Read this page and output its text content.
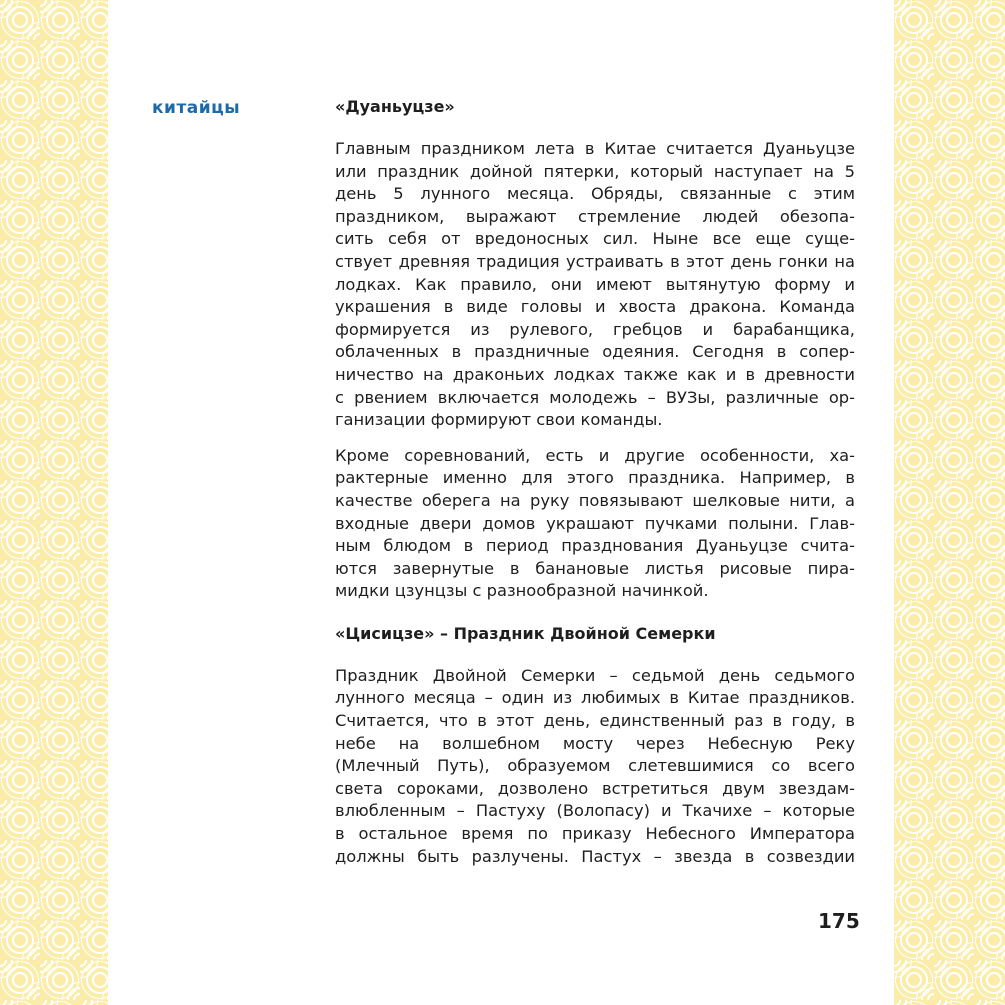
китайцы	«Дуаньуцзе»
Главным праздником лета в Китае считается Дуаньуцзе
или праздник дойной пятерки, который наступает на 5
день 5 лунного месяца. Обряды, связанные с этим
праздником, выражают стремление людей обезопа-
сить себя от вредоносных сил. Ныне все еще суще-
ствует древняя традиция устраивать в этот день гонки на
лодках. Как правило, они имеют вытянутую форму и
украшения в виде головы и хвоста дракона. Команда
формируется из рулевого, гребцов и барабанщика,
облаченных в праздничные одеяния. Сегодня в сопер-
ничество на драконьих лодках также как и в древности
с рвением включается молодежь – ВУЗы, различные ор-
ганизации формируют свои команды.
Кроме соревнований, есть и другие особенности, ха-
рактерные именно для этого праздника. Например, в
качестве оберега на руку повязывают шелковые нити, а
входные двери домов украшают пучками полыни. Глав-
ным блюдом в период празднования Дуаньуцзе счита-
ются завернутые в банановые листья рисовые пира-
мидки цзунцзы с разнообразной начинкой.
«Цисицзе» – Праздник Двойной Семерки
Праздник Двойной Семерки – седьмой день седьмого
лунного месяца – один из любимых в Китае праздников.
Считается, что в этот день, единственный раз в году, в
небе на волшебном мосту через Небесную Реку
(Млечный Путь), образуемом слетевшимися со всего
света сороками, дозволено встретиться двум звездам-
влюбленным – Пастуху (Волопасу) и Ткачихе – которые
в остальное время по приказу Небесного Императора
должны быть разлучены. Пастух – звезда в созвездии
175
